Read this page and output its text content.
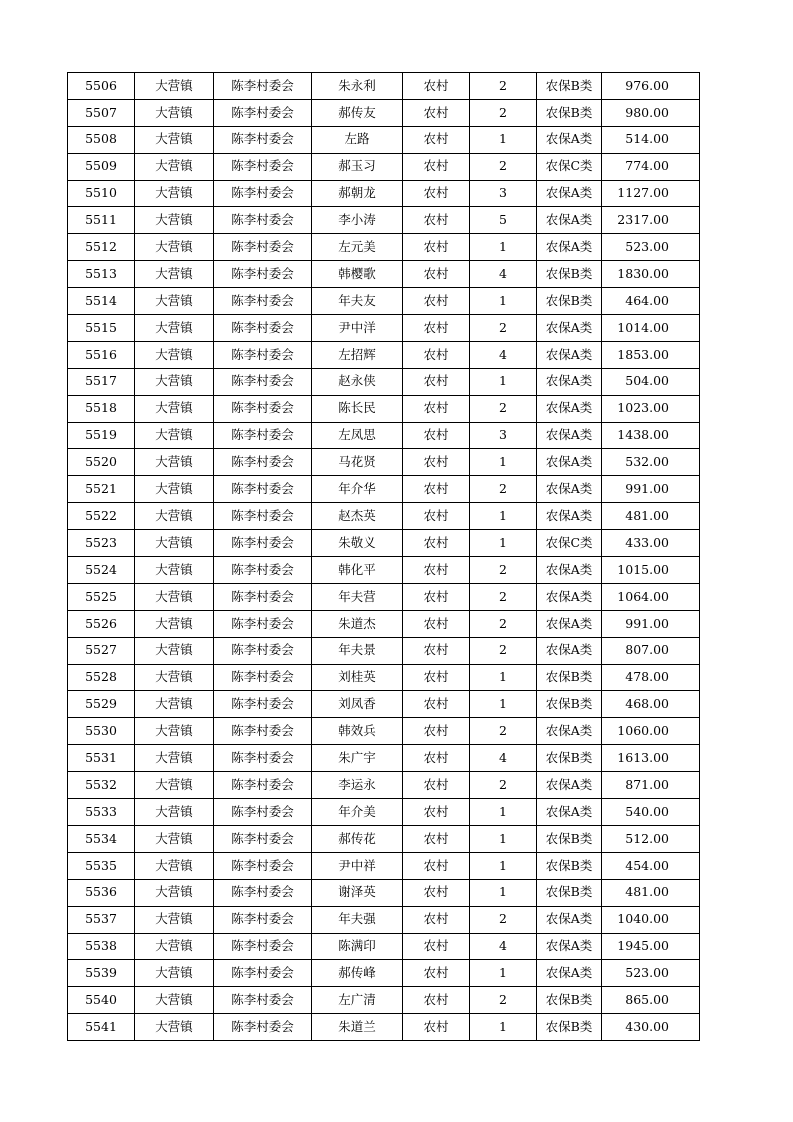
5506	大营镇	陈李村委会	朱永利	农村	2	农保B类	976.00
5507	大营镇	陈李村委会	郝传友	农村	2	农保B类	980.00
5508	大营镇	陈李村委会	左路	农村	1	农保A类	514.00
5509	大营镇	陈李村委会	郝玉习	农村	2	农保C类	774.00
5510	大营镇	陈李村委会	郝朝龙	农村	3	农保A类	1127.00
5511	大营镇	陈李村委会	李小涛	农村	5	农保A类	2317.00
5512	大营镇	陈李村委会	左元美	农村	1	农保A类	523.00
5513	大营镇	陈李村委会	韩樱歌	农村	4	农保B类	1830.00
5514	大营镇	陈李村委会	年夫友	农村	1	农保B类	464.00
5515	大营镇	陈李村委会	尹中洋	农村	2	农保A类	1014.00
5516	大营镇	陈李村委会	左招辉	农村	4	农保A类	1853.00
5517	大营镇	陈李村委会	赵永侠	农村	1	农保A类	504.00
5518	大营镇	陈李村委会	陈长民	农村	2	农保A类	1023.00
5519	大营镇	陈李村委会	左凤思	农村	3	农保A类	1438.00
5520	大营镇	陈李村委会	马花贤	农村	1	农保A类	532.00
5521	大营镇	陈李村委会	年介华	农村	2	农保A类	991.00
5522	大营镇	陈李村委会	赵杰英	农村	1	农保A类	481.00
5523	大营镇	陈李村委会	朱敬义	农村	1	农保C类	433.00
5524	大营镇	陈李村委会	韩化平	农村	2	农保A类	1015.00
5525	大营镇	陈李村委会	年夫营	农村	2	农保A类	1064.00
5526	大营镇	陈李村委会	朱道杰	农村	2	农保A类	991.00
5527	大营镇	陈李村委会	年夫景	农村	2	农保A类	807.00
5528	大营镇	陈李村委会	刘桂英	农村	1	农保B类	478.00
5529	大营镇	陈李村委会	刘凤香	农村	1	农保B类	468.00
5530	大营镇	陈李村委会	韩效兵	农村	2	农保A类	1060.00
5531	大营镇	陈李村委会	朱广宇	农村	4	农保B类	1613.00
5532	大营镇	陈李村委会	李运永	农村	2	农保A类	871.00
5533	大营镇	陈李村委会	年介美	农村	1	农保A类	540.00
5534	大营镇	陈李村委会	郝传花	农村	1	农保B类	512.00
5535	大营镇	陈李村委会	尹中祥	农村	1	农保B类	454.00
5536	大营镇	陈李村委会	谢泽英	农村	1	农保B类	481.00
5537	大营镇	陈李村委会	年夫强	农村	2	农保A类	1040.00
5538	大营镇	陈李村委会	陈满印	农村	4	农保A类	1945.00
5539	大营镇	陈李村委会	郝传峰	农村	1	农保A类	523.00
5540	大营镇	陈李村委会	左广清	农村	2	农保B类	865.00
5541	大营镇	陈李村委会	朱道兰	农村	1	农保B类	430.00
